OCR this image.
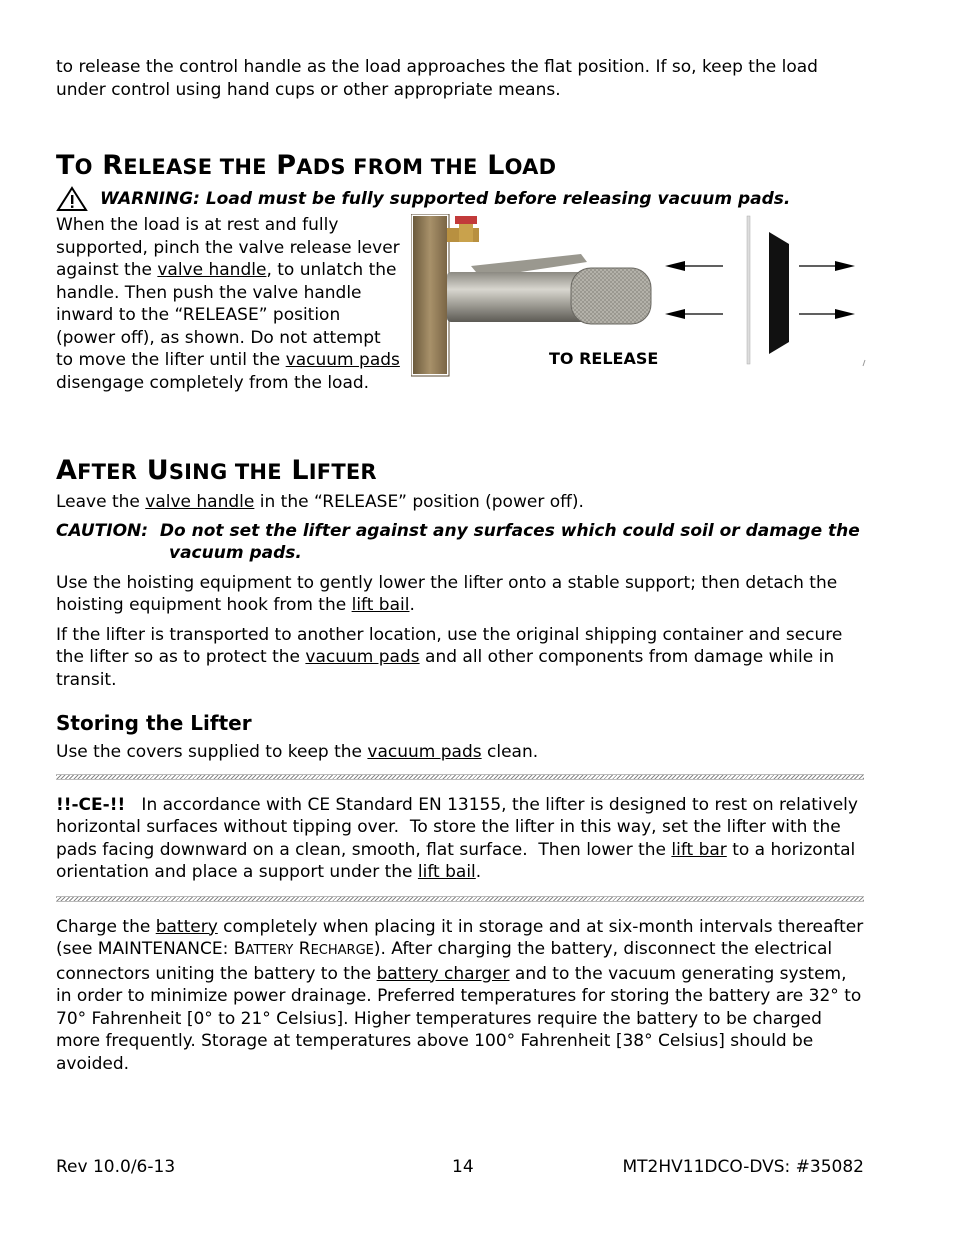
to release the control handle as the load approaches the flat position. If so, keep the load under control using hand cups or other appropriate means.

TO RELEASE THE PADS FROM THE LOAD
WARNING: Load must be fully supported before releasing vacuum pads.

When the load is at rest and fully supported, pinch the valve release lever against the valve handle, to unlatch the handle. Then push the valve handle inward to the “RELEASE” position (power off), as shown. Do not attempt to move the lifter until the vacuum pads disengage completely from the load.

TO RELEASE
AFTER USING THE LIFTER

Leave the valve handle in the “RELEASE” position (power off).

CAUTION: Do not set the lifter against any surfaces which could soil or damage the

vacuum pads.

Use the hoisting equipment to gently lower the lifter onto a stable support; then detach the hoisting equipment hook from the lift bail.

If the lifter is transported to another location, use the original shipping container and secure the lifter so as to protect the vacuum pads and all other components from damage while in transit.

Storing the Lifter

Use the covers supplied to keep the vacuum pads clean.

!!-CE-!!   In accordance with CE Standard EN 13155, the lifter is designed to rest on relatively horizontal surfaces without tipping over.  To store the lifter in this way, set the lifter with the pads facing downward on a clean, smooth, flat surface.  Then lower the lift bar to a horizontal orientation and place a support under the lift bail.

Charge the battery completely when placing it in storage and at six-month intervals thereafter (see MAINTENANCE: BATTERY RECHARGE). After charging the battery, disconnect the electrical connectors uniting the battery to the battery charger and to the vacuum generating system, in order to minimize power drainage. Preferred temperatures for storing the battery are 32° to 70° Fahrenheit [0° to 21° Celsius]. Higher temperatures require the battery to be charged more frequently. Storage at temperatures above 100° Fahrenheit [38° Celsius] should be avoided.

Rev 10.0/6-13	14	MT2HV11DCO-DVS: #35082
